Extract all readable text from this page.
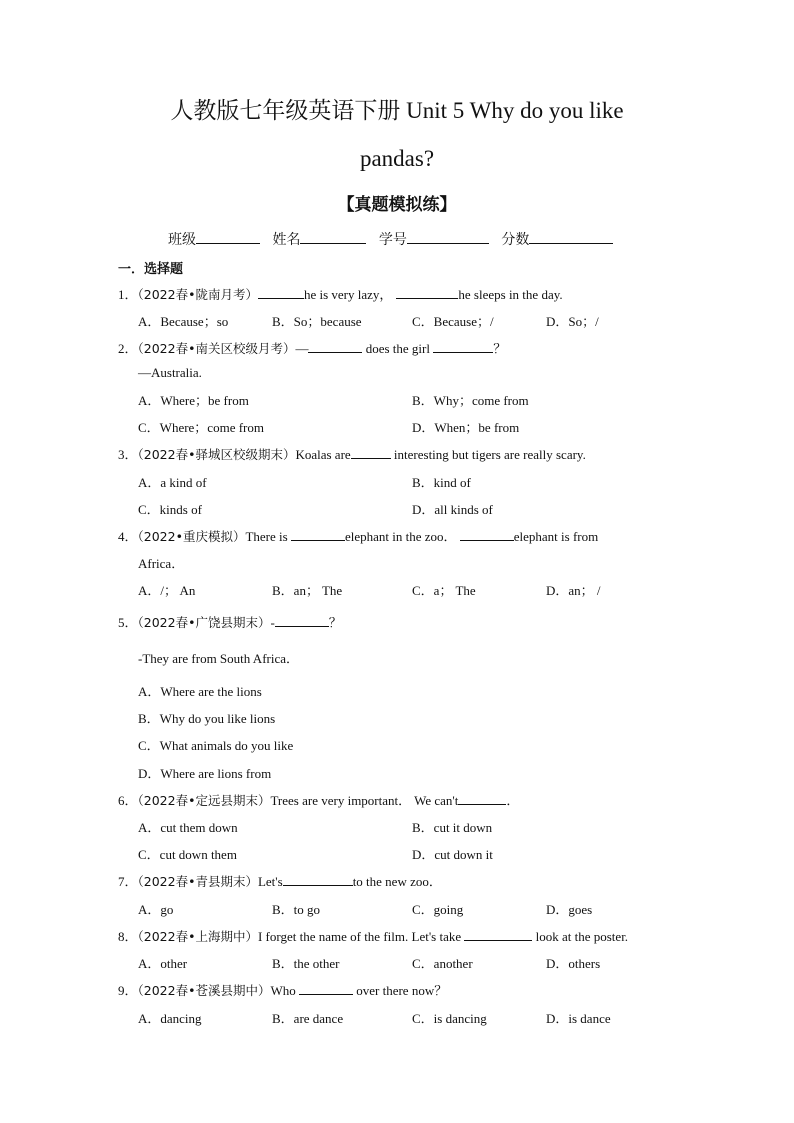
人教版七年级英语下册 Unit 5 Why do you like
pandas?
【真题模拟练】
班级	姓名	学号	分数
一．选择题
1．（2022春•陇南月考）	he is very lazy，	he sleeps in the day.
A．Because；so	B．So；because	C．Because；/	D．So；/
2．（2022春•南关区校级月考）—	does the girl	？
—Australia.
A．Where；be from	B．Why；come from
C．Where；come from	D．When；be from
3．（2022春•驿城区校级期末）Koalas are	interesting but tigers are really scary.
A．a kind of	B．kind of
C．kinds of	D．all kinds of
4．（2022•重庆模拟）There is	elephant in the zoo．	elephant is from
Africa．
A．/； An	B．an； The	C．a； The	D．an； /
5．（2022春•广饶县期末）-	？
-They are from South Africa．
A．Where are the lions
B．Why do you like lions
C．What animals do you like
D．Where are lions from
6．（2022春•定远县期末）Trees are very important． We can't	．
A．cut them down	B．cut it down
C．cut down them	D．cut down it
7．（2022春•青县期末）Let's	to the new zoo．
A．go	B．to go	C．going	D．goes
8．（2022春•上海期中）I forget the name of the film. Let's take	look at the poster.
A．other	B．the other	C．another	D．others
9．（2022春•苍溪县期中）Who	over there now？
A．dancing	B．are dance	C．is dancing	D．is dance
